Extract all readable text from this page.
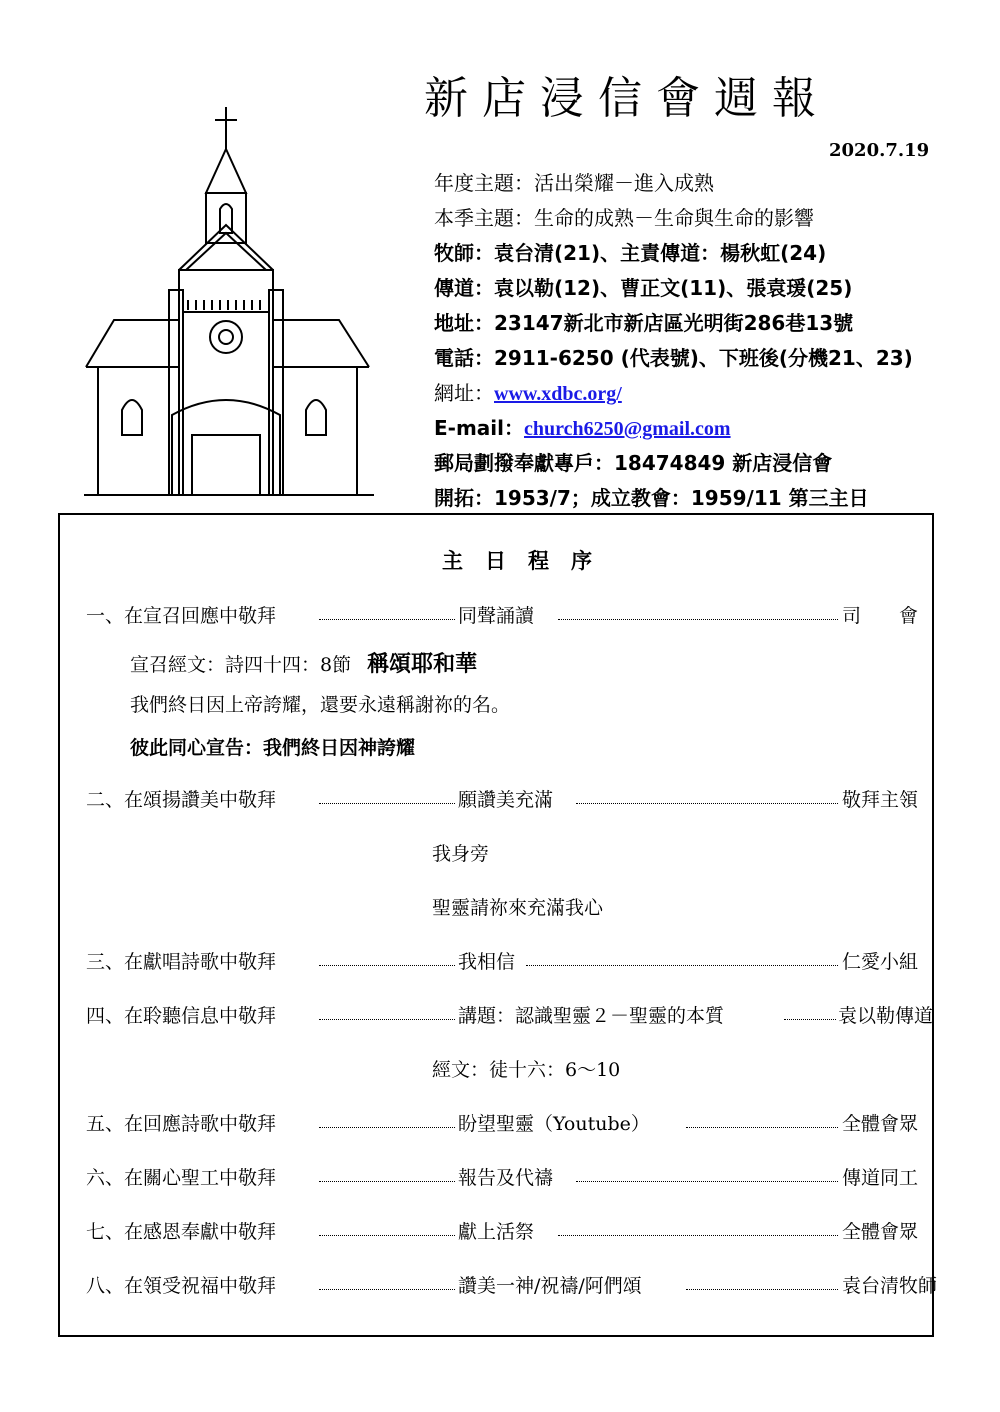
新店浸信會週報
2020.7.19
年度主題：活出榮耀－進入成熟
本季主題：生命的成熟－生命與生命的影響
牧師：袁台清(21)、主責傳道：楊秋虹(24)
傳道：袁以勒(12)、曹正文(11)、張袁瑗(25)
地址：23147新北市新店區光明街286巷13號
電話：2911-6250 (代表號)、下班後(分機21、23)
網址：www.xdbc.org/
E-mail：church6250@gmail.com
郵局劃撥奉獻專戶：18474849 新店浸信會
開拓：1953/7；成立教會：1959/11 第三主日
主日程序
一、在宣召回應中敬拜	同聲誦讀	司　　會
宣召經文：詩四十四：8節 稱頌耶和華
我們終日因上帝誇耀，還要永遠稱謝祢的名。
彼此同心宣告：我們終日因神誇耀
二、在頌揚讚美中敬拜	願讚美充滿	敬拜主領
我身旁
聖靈請祢來充滿我心
三、在獻唱詩歌中敬拜	我相信	仁愛小組
四、在聆聽信息中敬拜	講題：認識聖靈２－聖靈的本質	袁以勒傳道
經文：徒十六：6～10
五、在回應詩歌中敬拜	盼望聖靈（Youtube）	全體會眾
六、在關心聖工中敬拜	報告及代禱	傳道同工
七、在感恩奉獻中敬拜	獻上活祭	全體會眾
八、在領受祝福中敬拜	讚美一神/祝禱/阿們頌	袁台清牧師
